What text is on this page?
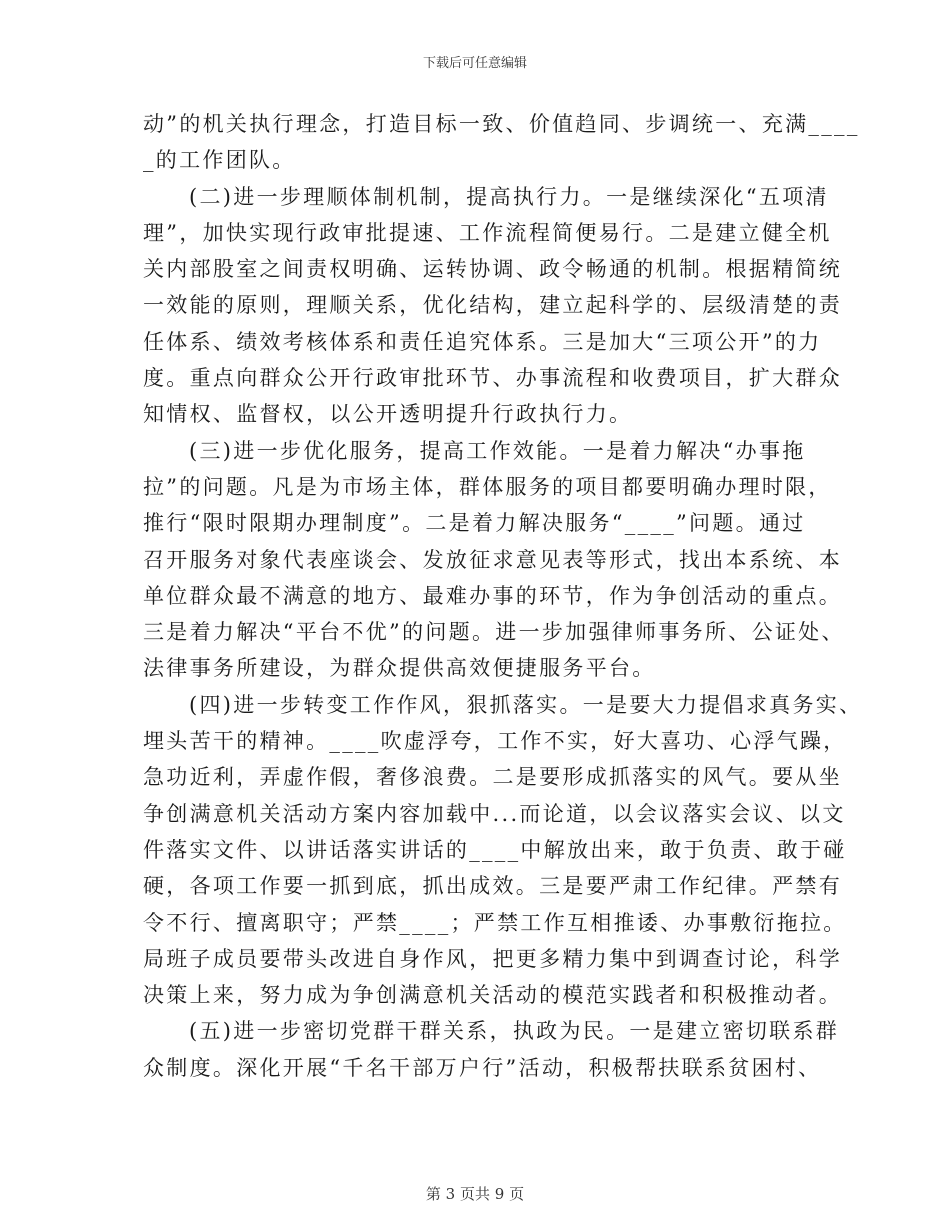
下载后可任意编辑
动”的机关执行理念，打造目标一致、价值趋同、步调统一、充满____
_的工作团队。
(二)进一步理顺体制机制，提高执行力。一是继续深化“五项清
理”，加快实现行政审批提速、工作流程简便易行。二是建立健全机
关内部股室之间责权明确、运转协调、政令畅通的机制。根据精简统
一效能的原则，理顺关系，优化结构，建立起科学的、层级清楚的责
任体系、绩效考核体系和责任追究体系。三是加大“三项公开”的力
度。重点向群众公开行政审批环节、办事流程和收费项目，扩大群众
知情权、监督权，以公开透明提升行政执行力。
(三)进一步优化服务，提高工作效能。一是着力解决“办事拖
拉”的问题。凡是为市场主体，群体服务的项目都要明确办理时限，
推行“限时限期办理制度”。二是着力解决服务“____”问题。通过
召开服务对象代表座谈会、发放征求意见表等形式，找出本系统、本
单位群众最不满意的地方、最难办事的环节，作为争创活动的重点。
三是着力解决“平台不优”的问题。进一步加强律师事务所、公证处、
法律事务所建设，为群众提供高效便捷服务平台。
(四)进一步转变工作作风，狠抓落实。一是要大力提倡求真务实、
埋头苦干的精神。____吹虚浮夸，工作不实，好大喜功、心浮气躁，
急功近利，弄虚作假，奢侈浪费。二是要形成抓落实的风气。要从坐
争创满意机关活动方案内容加载中...而论道，以会议落实会议、以文
件落实文件、以讲话落实讲话的____中解放出来，敢于负责、敢于碰
硬，各项工作要一抓到底，抓出成效。三是要严肃工作纪律。严禁有
令不行、擅离职守；严禁____；严禁工作互相推诿、办事敷衍拖拉。
局班子成员要带头改进自身作风，把更多精力集中到调查讨论，科学
决策上来，努力成为争创满意机关活动的模范实践者和积极推动者。
(五)进一步密切党群干群关系，执政为民。一是建立密切联系群
众制度。深化开展“千名干部万户行”活动，积极帮扶联系贫困村、
第 3 页共 9 页
